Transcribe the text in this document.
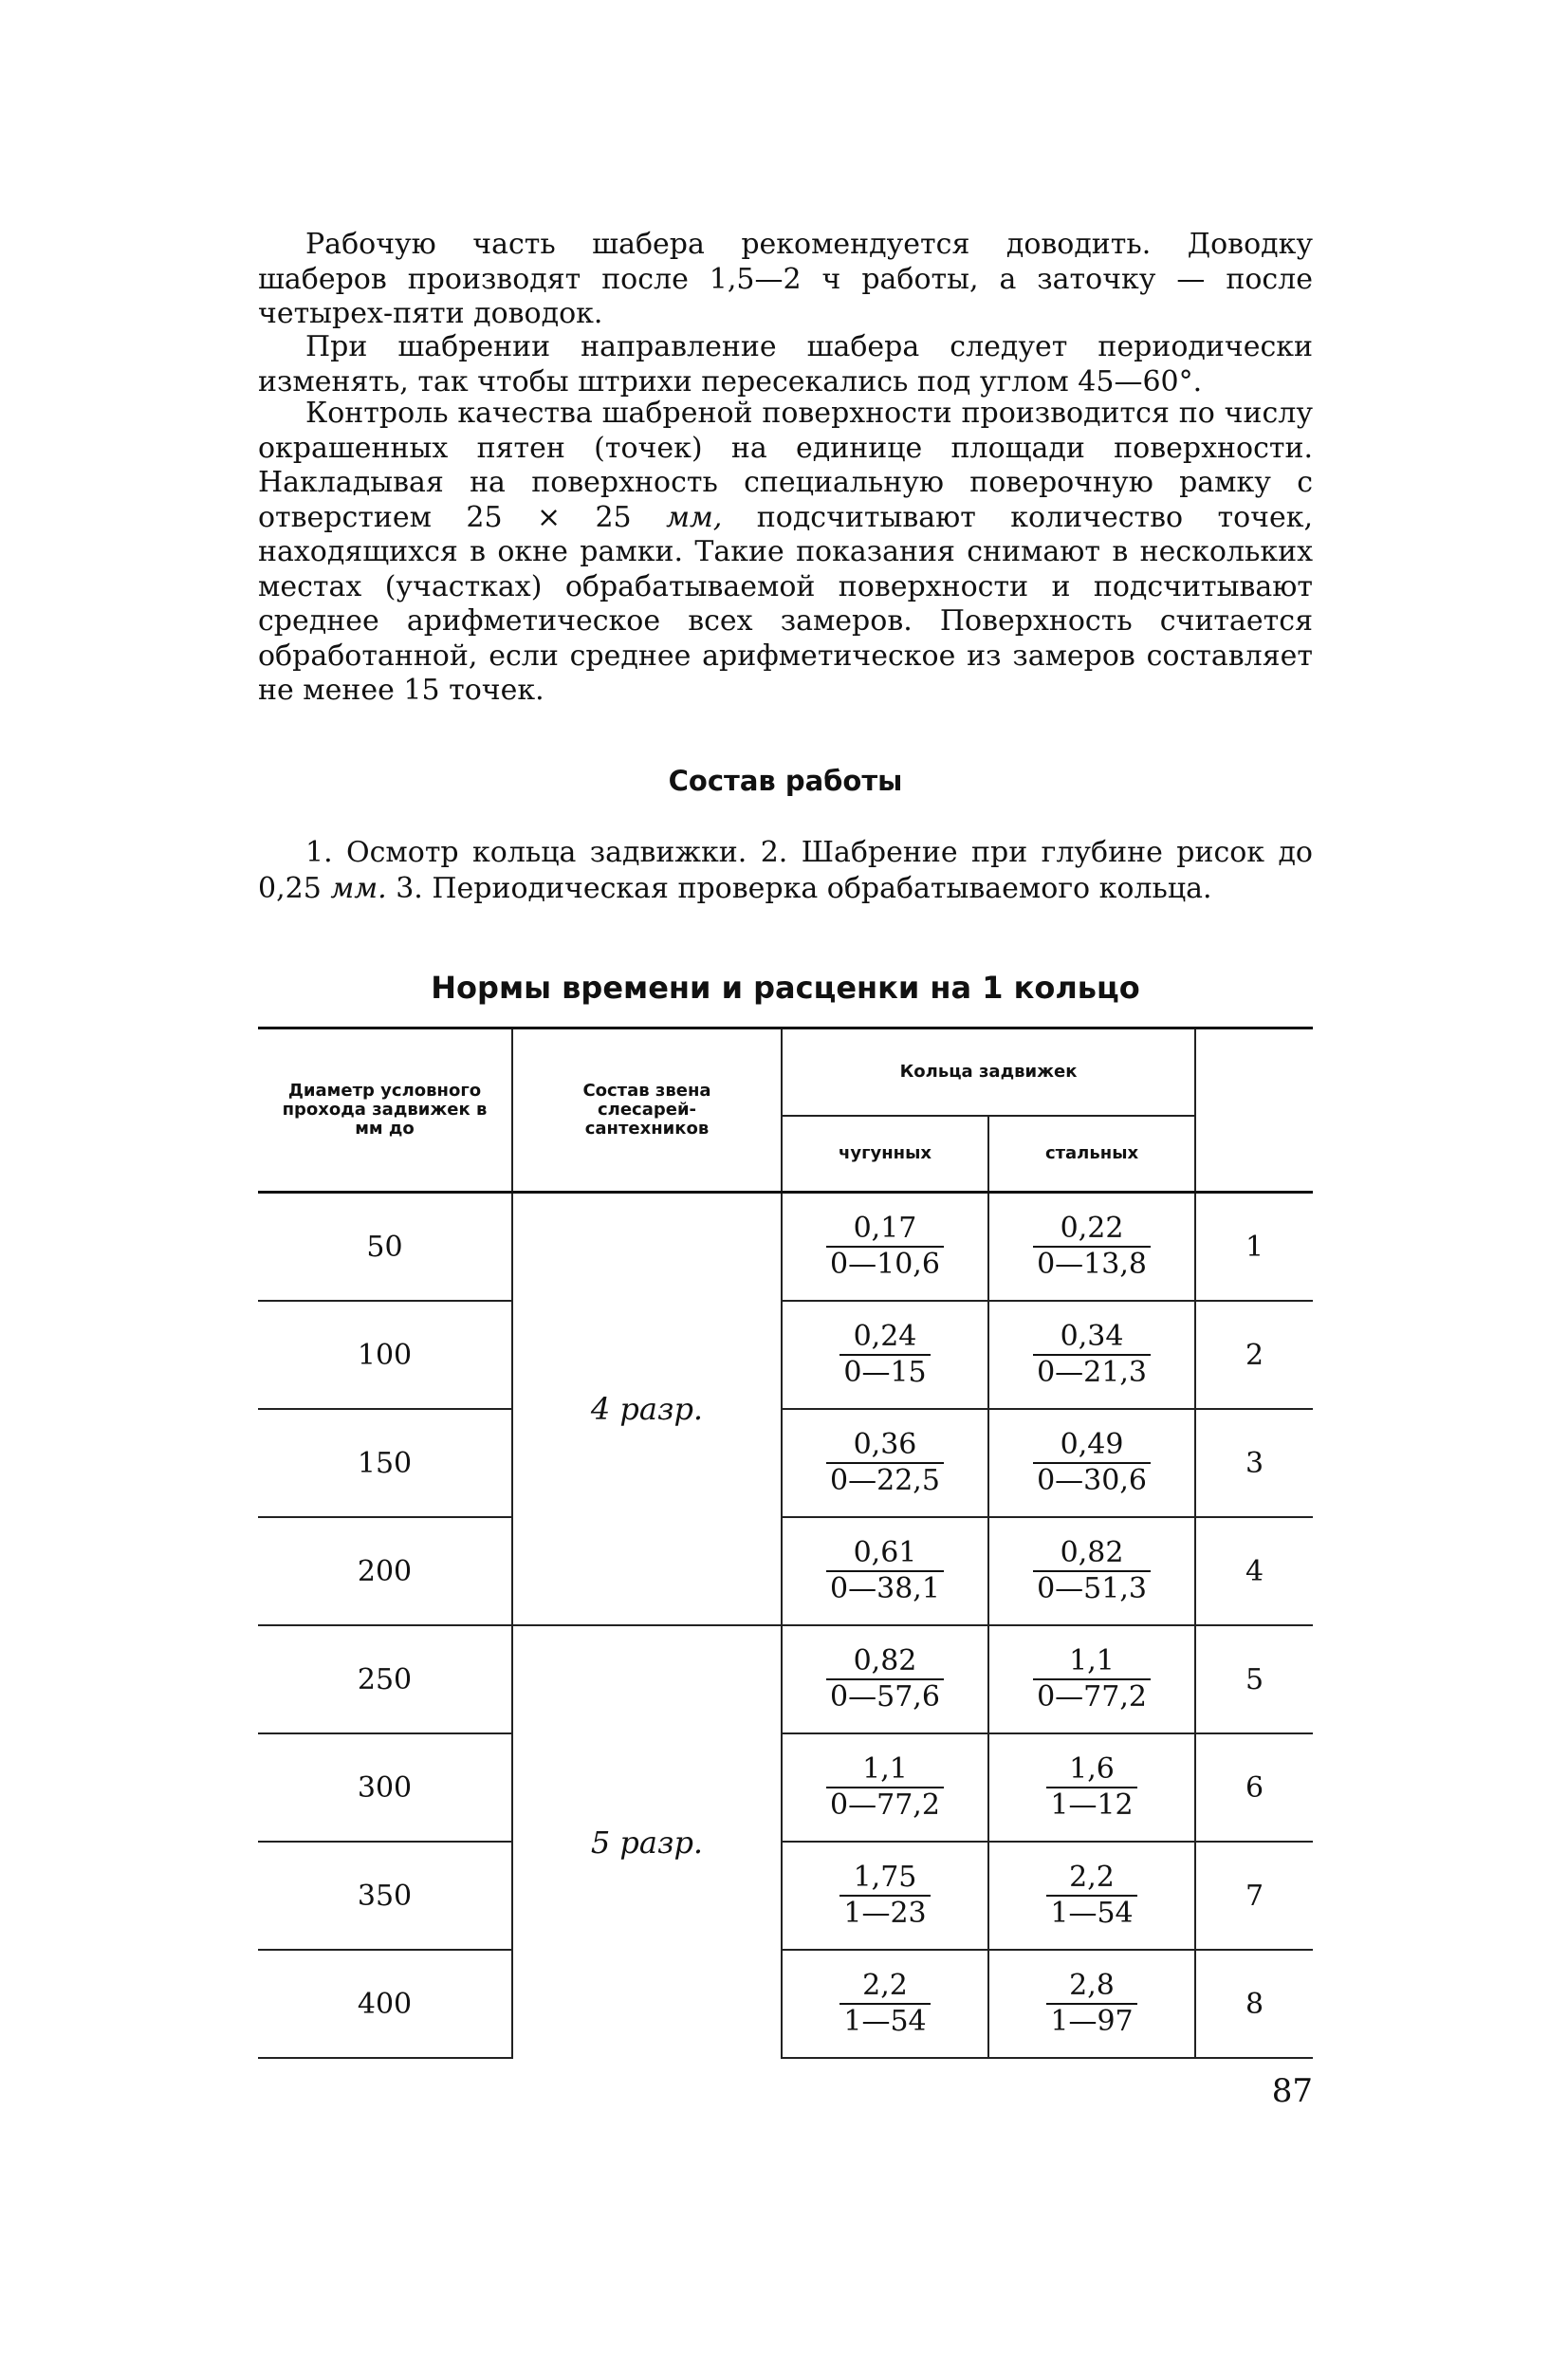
Рабочую часть шабера рекомендуется доводить. Доводку шаберов производят после 1,5—2 ч работы, а заточку — после четырех-пяти доводок.

При шабрении направление шабера следует периодически изменять, так чтобы штрихи пересекались под углом 45—60°.

Контроль качества шабреной поверхности производится по числу окрашенных пятен (точек) на единице площади поверхности. Накладывая на поверхность специальную поверочную рамку с отверстием 25 × 25 мм, подсчитывают количество точек, находящихся в окне рамки. Такие показания снимают в нескольких местах (участках) обрабатываемой поверхности и подсчитывают среднее арифметическое всех замеров. Поверхность считается обработанной, если среднее арифметическое из замеров составляет не менее 15 точек.

Состав работы

1. Осмотр кольца задвижки. 2. Шабрение при глубине рисок до 0,25 мм. 3. Периодическая проверка обрабатываемого кольца.

Нормы времени и расценки на 1 кольцо
Диаметр условного прохода задвижек в мм до	Состав звена слесарей-сантехников	Кольца задвижек		
		чугунных	стальных	
50	4 разр.	$\frac{0,17}{0—10,6}$	$\frac{0,22}{0—13,8}$	1
100		$\frac{0,24}{0—15}$	$\frac{0,34}{0—21,3}$	2
150		$\frac{0,36}{0—22,5}$	$\frac{0,49}{0—30,6}$	3
200		$\frac{0,61}{0—38,1}$	$\frac{0,82}{0—51,3}$	4
250	5 разр.	$\frac{0,82}{0—57,6}$	$\frac{1,1}{0—77,2}$	5
300		$\frac{1,1}{0—77,2}$	$\frac{1,6}{1—12}$	6
350		$\frac{1,75}{1—23}$	$\frac{2,2}{1—54}$	7
400		$\frac{2,2}{1—54}$	$\frac{2,8}{1—97}$	8
87
